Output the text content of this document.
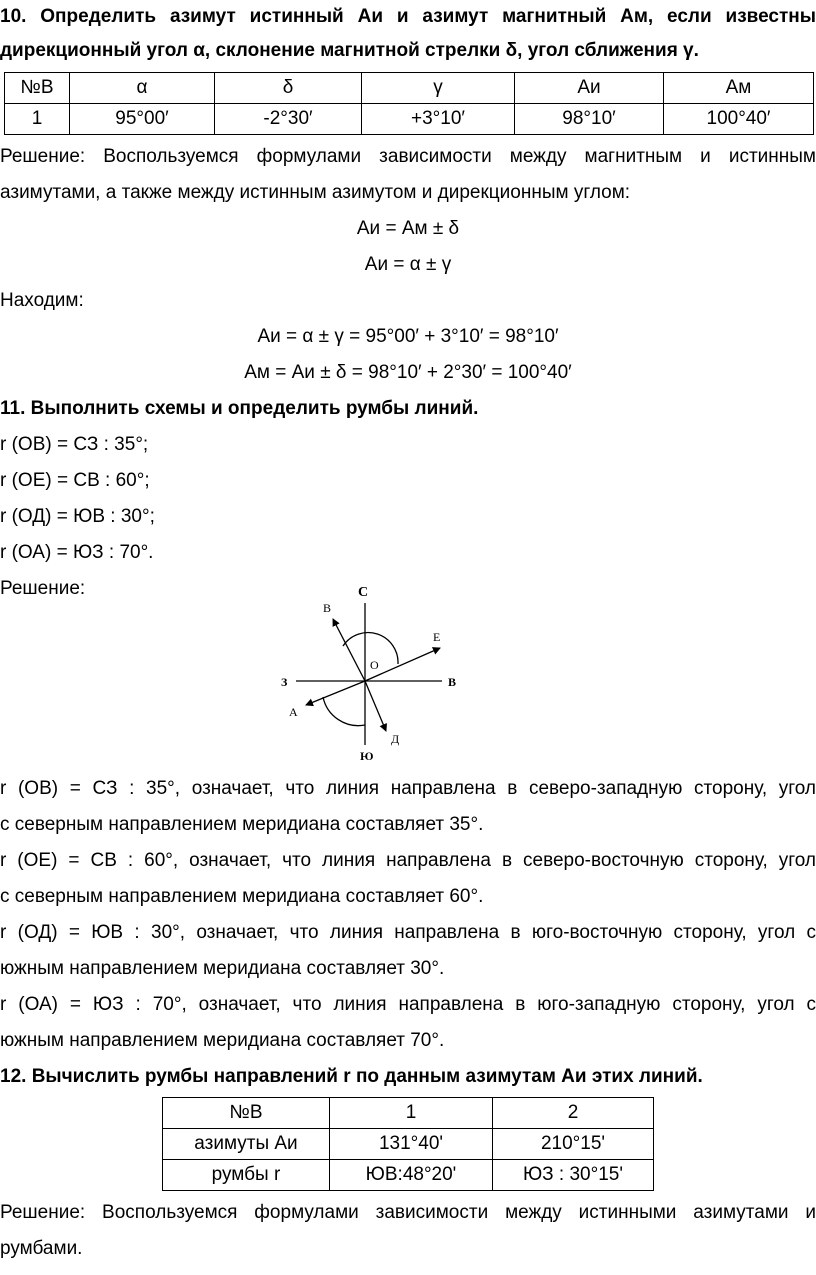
10. Определить азимут истинный Аи и азимут магнитный Ам, если известны
дирекционный угол α, склонение магнитной стрелки δ, угол сближения γ.
№В	α	δ	γ	Аи	Ам
1	95°00′	-2°30′	+3°10′	98°10′	100°40′
Решение: Воспользуемся формулами зависимости между магнитным и истинным
азимутами, а также между истинным азимутом и дирекционным углом:
Аи = Ам ± δ
Аи = α ± γ
Находим:
Аи = α ± γ = 95°00′ + 3°10′ = 98°10′
Ам = Аи ± δ = 98°10′ + 2°30′ = 100°40′
11. Выполнить схемы и определить румбы линий.
r (ОВ) = СЗ : 35°;
r (ОЕ) = СВ : 60°;
r (ОД) = ЮВ : 30°;
r (ОА) = ЮЗ : 70°.
Решение:	С
Ю
З	В
О
В
Е
А
Д
r (ОВ) = СЗ : 35°, означает, что линия направлена в северо-западную сторону, угол
с северным направлением меридиана составляет 35°.
r (ОЕ) = СВ : 60°, означает, что линия направлена в северо-восточную сторону, угол
с северным направлением меридиана составляет 60°.
r (ОД) = ЮВ : 30°, означает, что линия направлена в юго-восточную сторону, угол с
южным направлением меридиана составляет 30°.
r (ОА) = ЮЗ : 70°, означает, что линия направлена в юго-западную сторону, угол с
южным направлением меридиана составляет 70°.
12. Вычислить румбы направлений r по данным азимутам Аи этих линий.
№В	1	2
азимуты Аи	131°40'	210°15'
румбы r	ЮВ:48°20'	ЮЗ : 30°15'
Решение: Воспользуемся формулами зависимости между истинными азимутами и
румбами.
